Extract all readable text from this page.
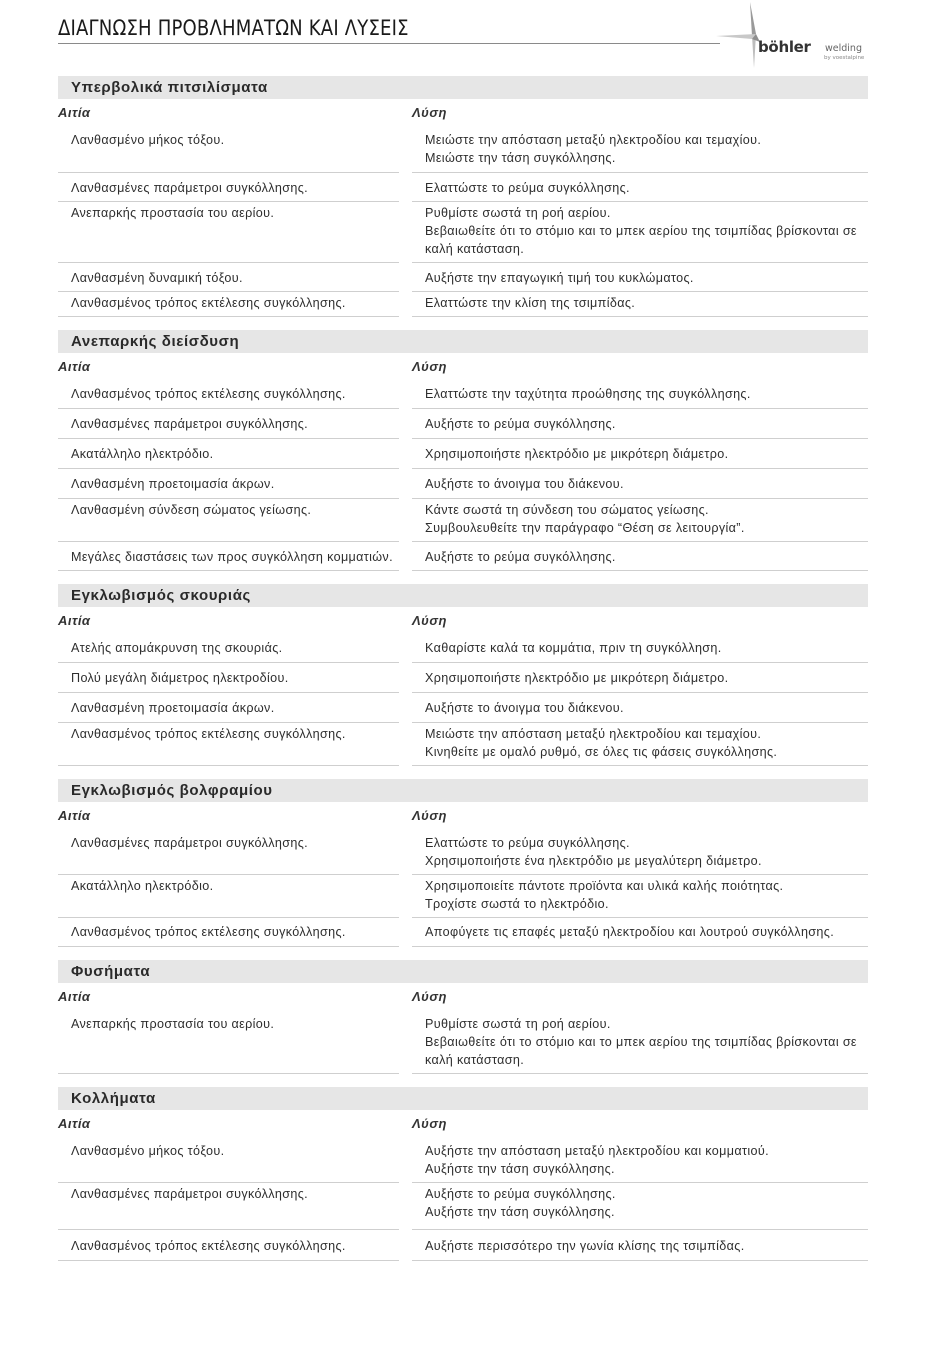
ΔΙΑΓΝΩΣΗ ΠΡΟΒΛΗΜΑΤΩΝ ΚΑΙ ΛΥΣΕΙΣ
böhler welding
by voestalpine
Υπερβολικά πιτσιλίσματα
Αιτία	Λύση
Λανθασμένο μήκος τόξου.	Μειώστε την απόσταση μεταξύ ηλεκτροδίου και τεμαχίου.
Μειώστε την τάση συγκόλλησης.
Λανθασμένες παράμετροι συγκόλλησης.	Ελαττώστε το ρεύμα συγκόλλησης.
Ανεπαρκής προστασία του αερίου.	Ρυθμίστε σωστά τη ροή αερίου.
Βεβαιωθείτε ότι το στόμιο και το μπεκ αερίου της τσιμπίδας βρίσκονται σε καλή κατάσταση.
Λανθασμένη δυναμική τόξου.	Αυξήστε την επαγωγική τιμή του κυκλώματος.
Λανθασμένος τρόπος εκτέλεσης συγκόλλησης.	Ελαττώστε την κλίση της τσιμπίδας.
Ανεπαρκής διείσδυση
Αιτία	Λύση
Λανθασμένος τρόπος εκτέλεσης συγκόλλησης.	Ελαττώστε την ταχύτητα προώθησης της συγκόλλησης.
Λανθασμένες παράμετροι συγκόλλησης.	Αυξήστε το ρεύμα συγκόλλησης.
Ακατάλληλο ηλεκτρόδιο.	Χρησιμοποιήστε ηλεκτρόδιο με μικρότερη διάμετρο.
Λανθασμένη προετοιμασία άκρων.	Αυξήστε το άνοιγμα του διάκενου.
Λανθασμένη σύνδεση σώματος γείωσης.	Κάντε σωστά τη σύνδεση του σώματος γείωσης.
Συμβουλευθείτε την παράγραφο “Θέση σε λειτουργία”.
Μεγάλες διαστάσεις των προς συγκόλληση κομματιών.	Αυξήστε το ρεύμα συγκόλλησης.
Εγκλωβισμός σκουριάς
Αιτία	Λύση
Ατελής απομάκρυνση της σκουριάς.	Καθαρίστε καλά τα κομμάτια, πριν τη συγκόλληση.
Πολύ μεγάλη διάμετρος ηλεκτροδίου.	Χρησιμοποιήστε ηλεκτρόδιο με μικρότερη διάμετρο.
Λανθασμένη προετοιμασία άκρων.	Αυξήστε το άνοιγμα του διάκενου.
Λανθασμένος τρόπος εκτέλεσης συγκόλλησης.	Μειώστε την απόσταση μεταξύ ηλεκτροδίου και τεμαχίου.
Κινηθείτε με ομαλό ρυθμό, σε όλες τις φάσεις συγκόλλησης.
Εγκλωβισμός βολφραμίου
Αιτία	Λύση
Λανθασμένες παράμετροι συγκόλλησης.	Ελαττώστε το ρεύμα συγκόλλησης.
Χρησιμοποιήστε ένα ηλεκτρόδιο με μεγαλύτερη διάμετρο.
Ακατάλληλο ηλεκτρόδιο.	Χρησιμοποιείτε πάντοτε προϊόντα και υλικά καλής ποιότητας.
Τροχίστε σωστά το ηλεκτρόδιο.
Λανθασμένος τρόπος εκτέλεσης συγκόλλησης.	Αποφύγετε τις επαφές μεταξύ ηλεκτροδίου και λουτρού συγκόλλησης.
Φυσήματα
Αιτία	Λύση
Ανεπαρκής προστασία του αερίου.	Ρυθμίστε σωστά τη ροή αερίου.
Βεβαιωθείτε ότι το στόμιο και το μπεκ αερίου της τσιμπίδας βρίσκονται σε καλή κατάσταση.
Κολλήματα
Αιτία	Λύση
Λανθασμένο μήκος τόξου.	Αυξήστε την απόσταση μεταξύ ηλεκτροδίου και κομματιού.
Αυξήστε την τάση συγκόλλησης.
Λανθασμένες παράμετροι συγκόλλησης.	Αυξήστε το ρεύμα συγκόλλησης.
Αυξήστε την τάση συγκόλλησης.
Λανθασμένος τρόπος εκτέλεσης συγκόλλησης.	Αυξήστε περισσότερο την γωνία κλίσης της τσιμπίδας.
